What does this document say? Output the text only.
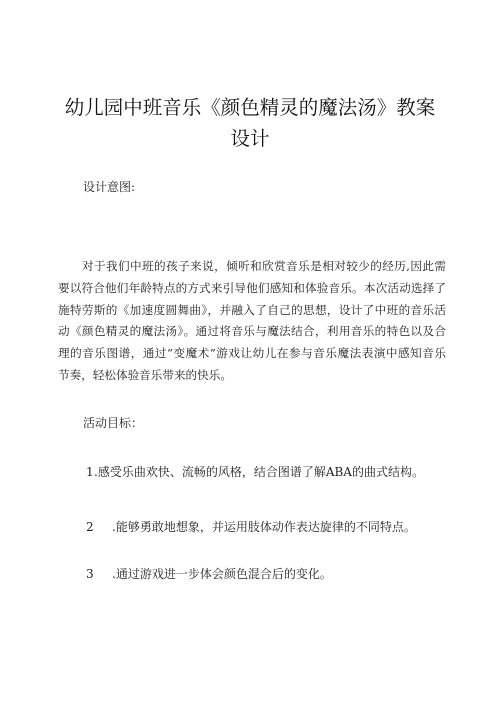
幼儿园中班音乐《颜色精灵的魔法汤》教案
设计
设计意图:
对于我们中班的孩子来说，倾听和欣赏音乐是相对较少的经历,因此需
要以符合他们年龄特点的方式来引导他们感知和体验音乐。本次活动选择了
施特劳斯的《加速度圆舞曲》，并融入了自己的思想，设计了中班的音乐活
动《颜色精灵的魔法汤》。通过将音乐与魔法结合，利用音乐的特色以及合
理的音乐图谱，通过“变魔术”游戏让幼儿在参与音乐魔法表演中感知音乐
节奏，轻松体验音乐带来的快乐。
活动目标：
1.感受乐曲欢快、流畅的风格，结合图谱了解ABA的曲式结构。
2 .能够勇敢地想象，并运用肢体动作表达旋律的不同特点。
3 .通过游戏进一步体会颜色混合后的变化。
